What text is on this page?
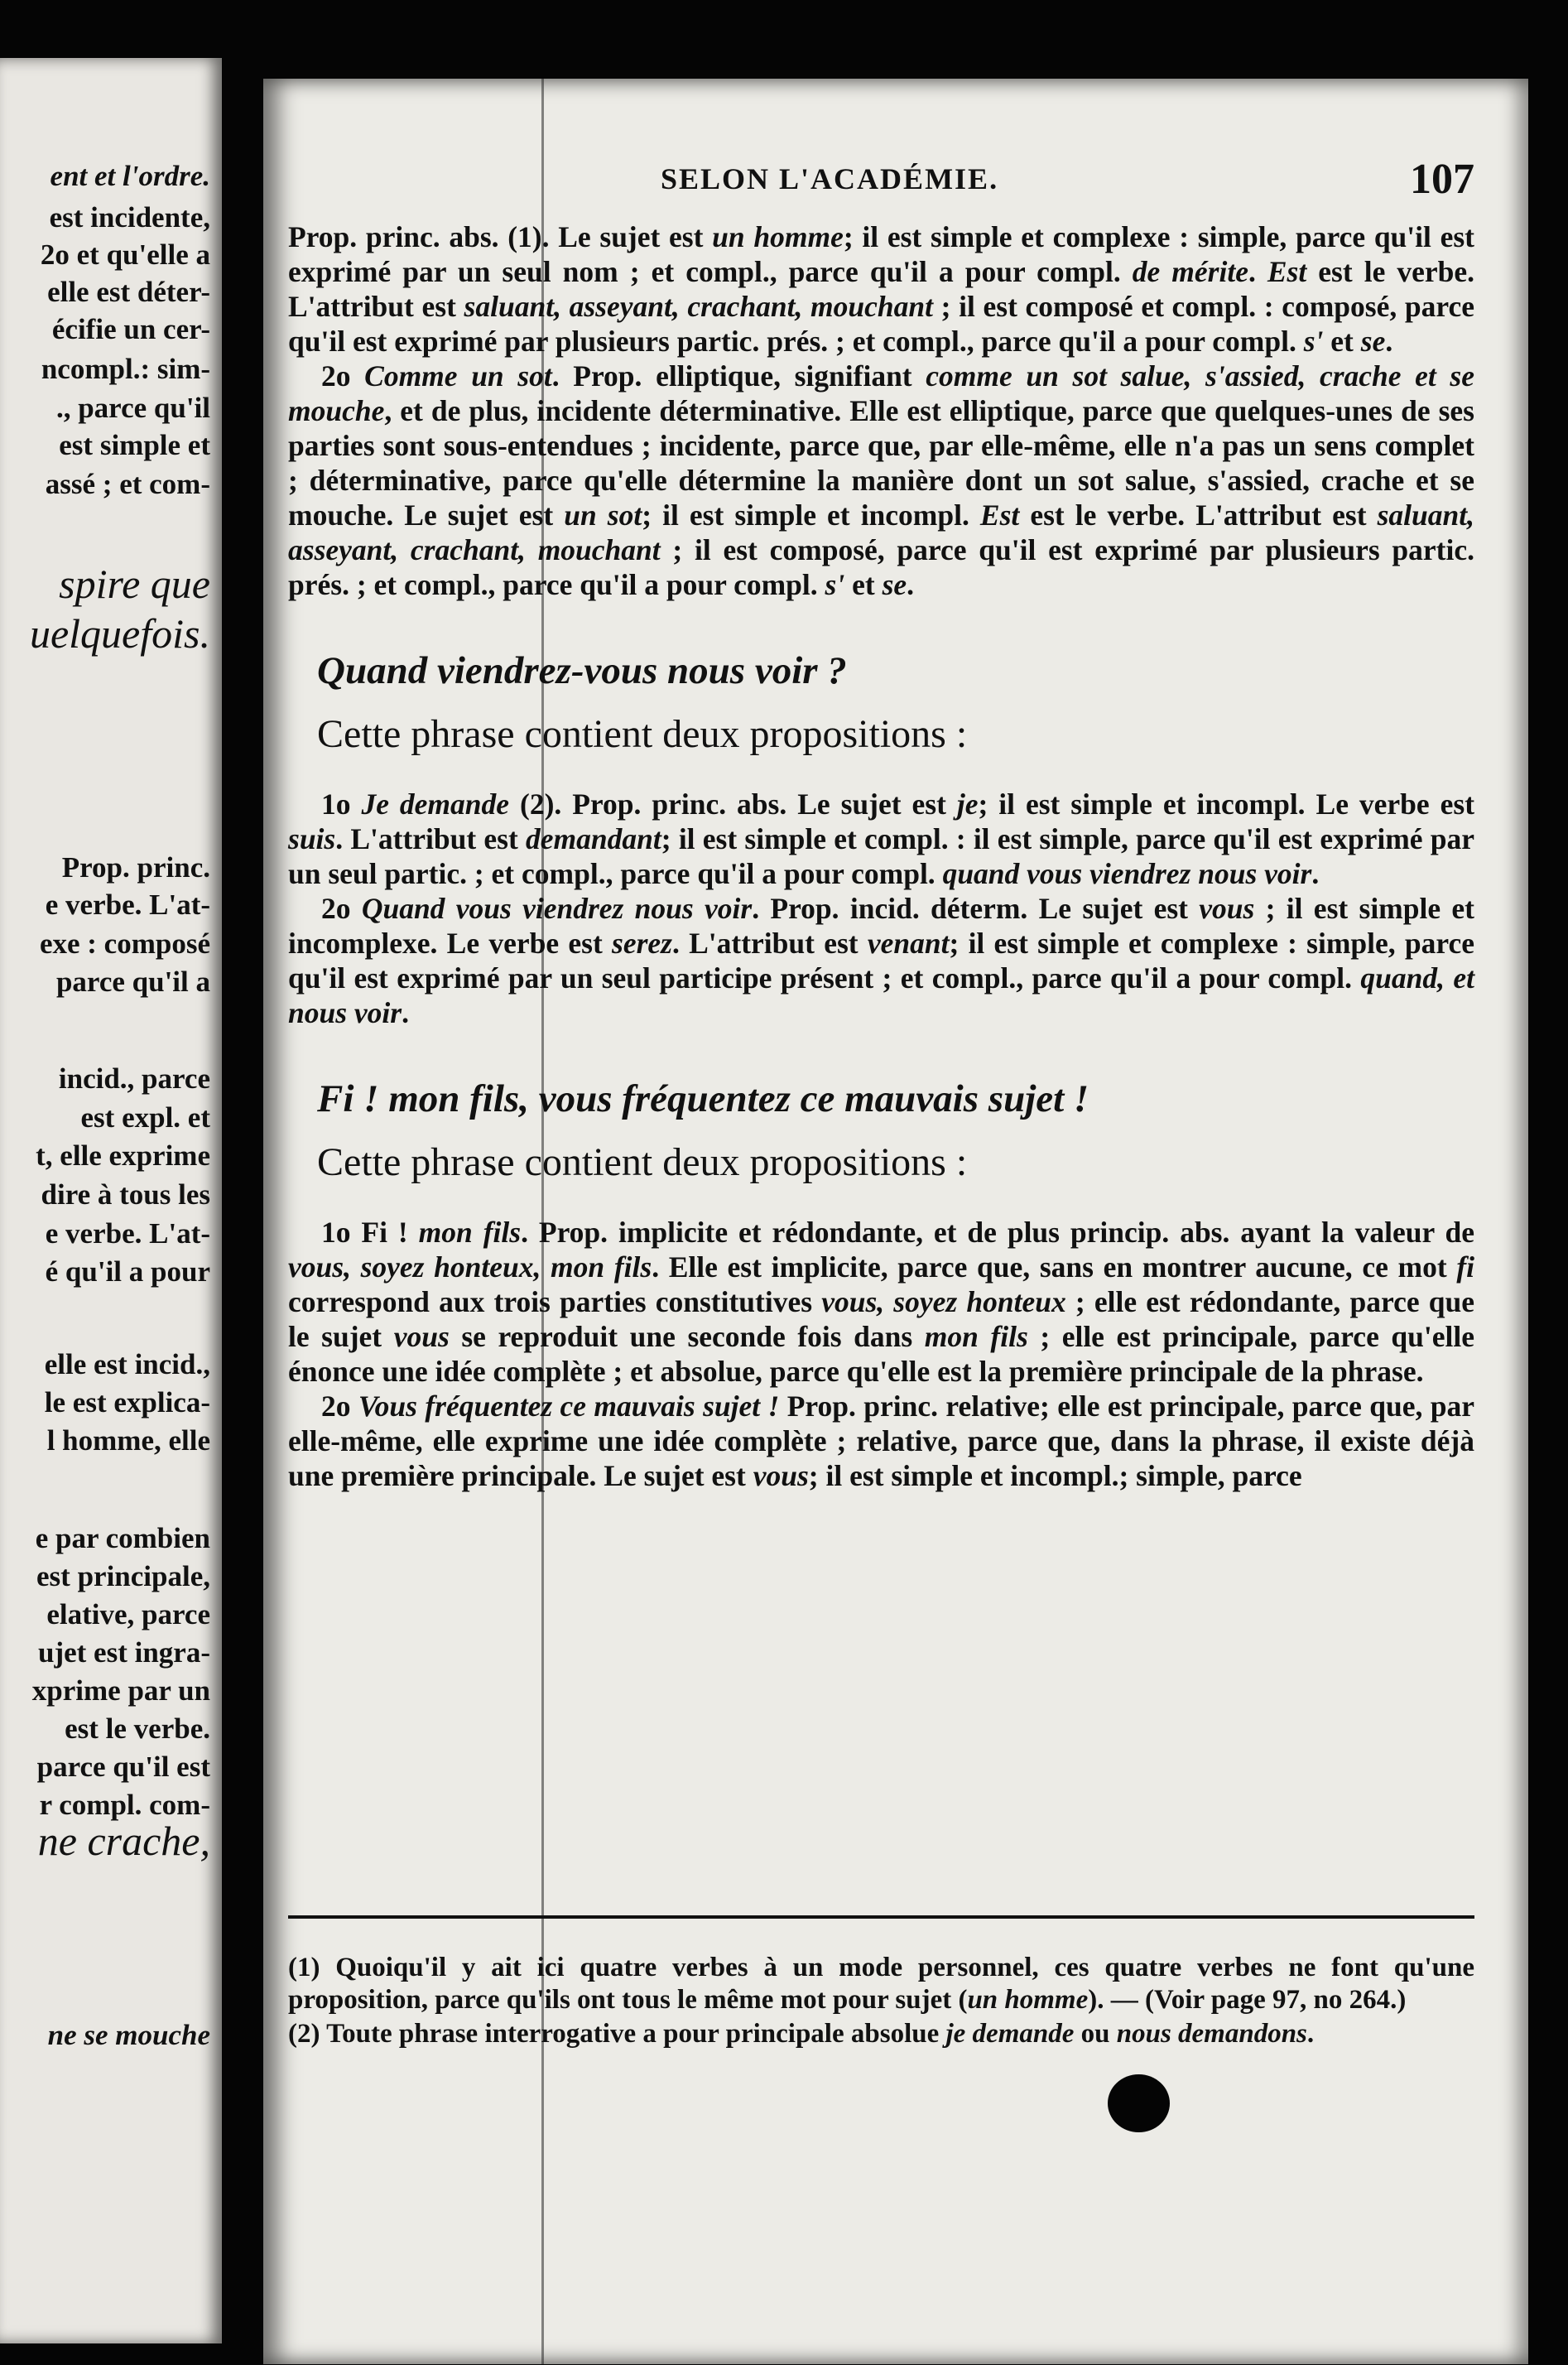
ent et l'ordre.
est incidente,
2o et qu'elle a
elle est déter-
écifie un cer-
ncompl.: sim-
., parce qu'il
est simple et
assé ; et com-
spire que
uelquefois.
Prop. princ.
e verbe. L'at-
exe : composé
parce qu'il a
incid., parce
est expl. et
t, elle exprime
dire à tous les
e verbe. L'at-
é qu'il a pour
elle est incid.,
le est explica-
l homme, elle
e par combien
est principale,
elative, parce
ujet est ingra-
xprime par un
est le verbe.
parce qu'il est
r compl. com-
ne crache,
ne se mouche
SELON L'ACADÉMIE.	107

Prop. princ. abs. (1). Le sujet est un homme; il est simple et complexe : simple, parce qu'il est exprimé par un seul nom ; et compl., parce qu'il a pour compl. de mérite. Est est le verbe. L'attribut est saluant, asseyant, crachant, mouchant ; il est composé et compl. : composé, parce qu'il est exprimé par plusieurs partic. prés. ; et compl., parce qu'il a pour compl. s' et se.

2o Comme un sot. Prop. elliptique, signifiant comme un sot salue, s'assied, crache et se mouche, et de plus, incidente déterminative. Elle est elliptique, parce que quelques-unes de ses parties sont sous-entendues ; incidente, parce que, par elle-même, elle n'a pas un sens complet ; déterminative, parce qu'elle détermine la manière dont un sot salue, s'assied, crache et se mouche. Le sujet est un sot; il est simple et incompl. Est est le verbe. L'attribut est saluant, asseyant, crachant, mouchant ; il est composé, parce qu'il est exprimé par plusieurs partic. prés. ; et compl., parce qu'il a pour compl. s' et se.

Quand viendrez-vous nous voir ?
Cette phrase contient deux propositions :

1o Je demande (2). Prop. princ. abs. Le sujet est je; il est simple et incompl. Le verbe est suis. L'attribut est demandant; il est simple et compl. : il est simple, parce qu'il est exprimé par un seul partic. ; et compl., parce qu'il a pour compl. quand vous viendrez nous voir.

2o Quand vous viendrez nous voir. Prop. incid. déterm. Le sujet est vous ; il est simple et incomplexe. Le verbe est serez. L'attribut est venant; il est simple et complexe : simple, parce qu'il est exprimé par un seul participe présent ; et compl., parce qu'il a pour compl. quand, et nous voir.

Fi ! mon fils, vous fréquentez ce mauvais sujet !
Cette phrase contient deux propositions :

1o Fi ! mon fils. Prop. implicite et rédondante, et de plus princip. abs. ayant la valeur de vous, soyez honteux, mon fils. Elle est implicite, parce que, sans en montrer aucune, ce mot fi correspond aux trois parties constitutives vous, soyez honteux ; elle est rédondante, parce que le sujet vous se reproduit une seconde fois dans mon fils ; elle est principale, parce qu'elle énonce une idée complète ; et absolue, parce qu'elle est la première principale de la phrase.

2o Vous fréquentez ce mauvais sujet ! Prop. princ. relative; elle est principale, parce que, par elle-même, elle exprime une idée complète ; relative, parce que, dans la phrase, il existe déjà une première principale. Le sujet est vous; il est simple et incompl.; simple, parce

(1) Quoiqu'il y ait ici quatre verbes à un mode personnel, ces quatre verbes ne font qu'une proposition, parce qu'ils ont tous le même mot pour sujet (un homme). — (Voir page 97, no 264.)

(2) Toute phrase interrogative a pour principale absolue je demande ou nous demandons.
